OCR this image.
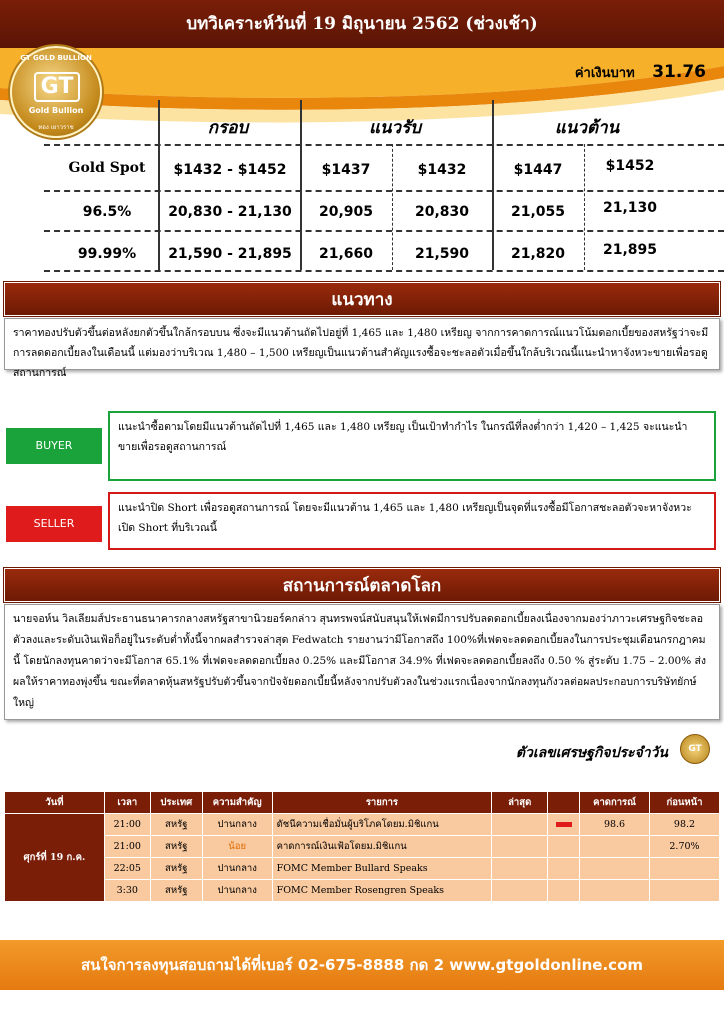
บทวิเคราะห์วันที่ 19 มิถุนายน 2562 (ช่วงเช้า)
GT GOLD BULLION
GT
Gold Bullion
ทอง เยาวราช
ค่าเงินบาท 31.76
กรอบ	แนวรับ	แนวต้าน
Gold Spot	$1432 - $1452	$1437	$1432	$1447	$1452
96.5%	20,830 - 21,130	20,905	20,830	21,055	21,130
99.99%	21,590 - 21,895	21,660	21,590	21,820	21,895
แนวทาง
ราคาทองปรับตัวขึ้นต่อหลังยกตัวขึ้นใกล้กรอบบน ซึ่งจะมีแนวต้านถัดไปอยู่ที่ 1,465 และ 1,480 เหรียญ จากการคาดการณ์แนวโน้มดอกเบี้ยของสหรัฐว่าจะมีการลดดอกเบี้ยลงในเดือนนี้ แต่มองว่าบริเวณ 1,480 – 1,500 เหรียญเป็นแนวต้านสำคัญแรงซื้อจะชะลอตัวเมื่อขึ้นใกล้บริเวณนี้แนะนำหาจังหวะขายเพื่อรอดูสถานการณ์
BUYER
แนะนำซื้อตามโดยมีแนวต้านถัดไปที่ 1,465 และ 1,480 เหรียญ เป็นเป้าทำกำไร ในกรณีที่ลงต่ำกว่า 1,420 – 1,425 จะแนะนำขายเพื่อรอดูสถานการณ์
SELLER
แนะนำปิด Short เพื่อรอดูสถานการณ์ โดยจะมีแนวต้าน 1,465 และ 1,480 เหรียญเป็นจุดที่แรงซื้อมีโอกาสชะลอตัวจะหาจังหวะเปิด Short ที่บริเวณนี้
สถานการณ์ตลาดโลก
นายจอห์น วิลเลียมส์ประธานธนาคารกลางสหรัฐสาขานิวยอร์คกล่าว สุนทรพจน์สนับสนุนให้เฟดมีการปรับลดดอกเบี้ยลงเนื่องจากมองว่าภาวะเศรษฐกิจชะลอตัวลงและระดับเงินเฟ้อก็อยู่ในระดับต่ำทั้งนี้จากผลสำรวจล่าสุด Fedwatch รายงานว่ามีโอกาสถึง 100%ที่เฟดจะลดดอกเบี้ยลงในการประชุมเดือนกรกฎาคมนี้ โดยนักลงทุนคาดว่าจะมีโอกาส 65.1% ที่เฟดจะลดดอกเบี้ยลง 0.25% และมีโอกาส 34.9% ที่เฟดจะลดดอกเบี้ยลงถึง 0.50 % สู่ระดับ 1.75 – 2.00% ส่งผลให้ราคาทองพุ่งขึ้น ขณะที่ตลาดหุ้นสหรัฐปรับตัวขึ้นจากปัจจัยดอกเบี้ยนี้หลังจากปรับตัวลงในช่วงแรกเนื่องจากนักลงทุนกังวลต่อผลประกอบการบริษัทยักษ์ใหญ่
ตัวเลขเศรษฐกิจประจำวัน	GT
วันที่	เวลา	ประเทศ	ความสำคัญ	รายการ	ล่าสุด		คาดการณ์	ก่อนหน้า
ศุกร์ที่ 19 ก.ค.	21:00	สหรัฐ	ปานกลาง	ดัชนีความเชื่อมั่นผู้บริโภคโดยม.มิชิแกน			98.6	98.2
	21:00	สหรัฐ	น้อย	คาดการณ์เงินเฟ้อโดยม.มิชิแกน				2.70%
	22:05	สหรัฐ	ปานกลาง	FOMC Member Bullard Speaks				
	3:30	สหรัฐ	ปานกลาง	FOMC Member Rosengren Speaks				
สนใจการลงทุนสอบถามได้ที่เบอร์ 02-675-8888 กด 2 www.gtgoldonline.com
